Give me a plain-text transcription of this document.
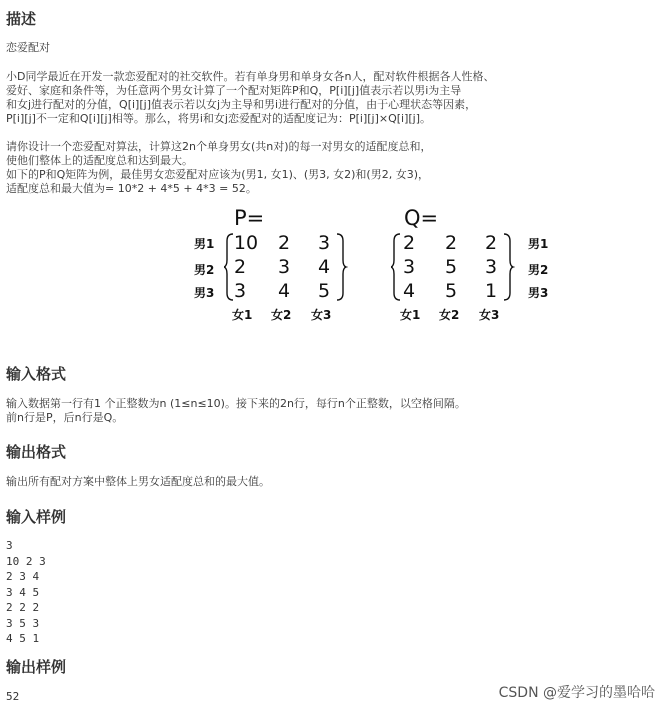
描述

恋爱配对

小D同学最近在开发一款恋爱配对的社交软件。若有单身男和单身女各n人，配对软件根据各人性格、

爱好、家庭和条件等，为任意两个男女计算了一个配对矩阵P和Q，P[i][j]值表示若以男i为主导

和女j进行配对的分值，Q[i][j]值表示若以女j为主导和男i进行配对的分值，由于心理状态等因素，

P[i][j]不一定和Q[i][j]相等。那么，将男i和女j恋爱配对的适配度记为：P[i][j]×Q[i][j]。

请你设计一个恋爱配对算法，计算这2n个单身男女(共n对)的每一对男女的适配度总和，

使他们整体上的适配度总和达到最大。

如下的P和Q矩阵为例，最佳男女恋爱配对应该为(男1, 女1)、(男3, 女2)和(男2, 女3)，

适配度总和最大值为= 10*2 + 4*5 + 4*3 = 52。

P=
男1
男2
男3
10	2	3
2	3	4
3	4	5
女1 女2 女3
Q=
2	2	2
3	5	3
4	5	1
男1
男2
男3
女1 女2 女3
输入格式

输入数据第一行有1 个正整数为n (1≤n≤10)。接下来的2n行，每行n个正整数，以空格间隔。

前n行是P，后n行是Q。

输出格式

输出所有配对方案中整体上男女适配度总和的最大值。

输入样例
3
10 2 3
2 3 4
3 4 5
2 2 2
3 5 3
4 5 1
输出样例
52	CSDN @爱学习的墨哈哈
